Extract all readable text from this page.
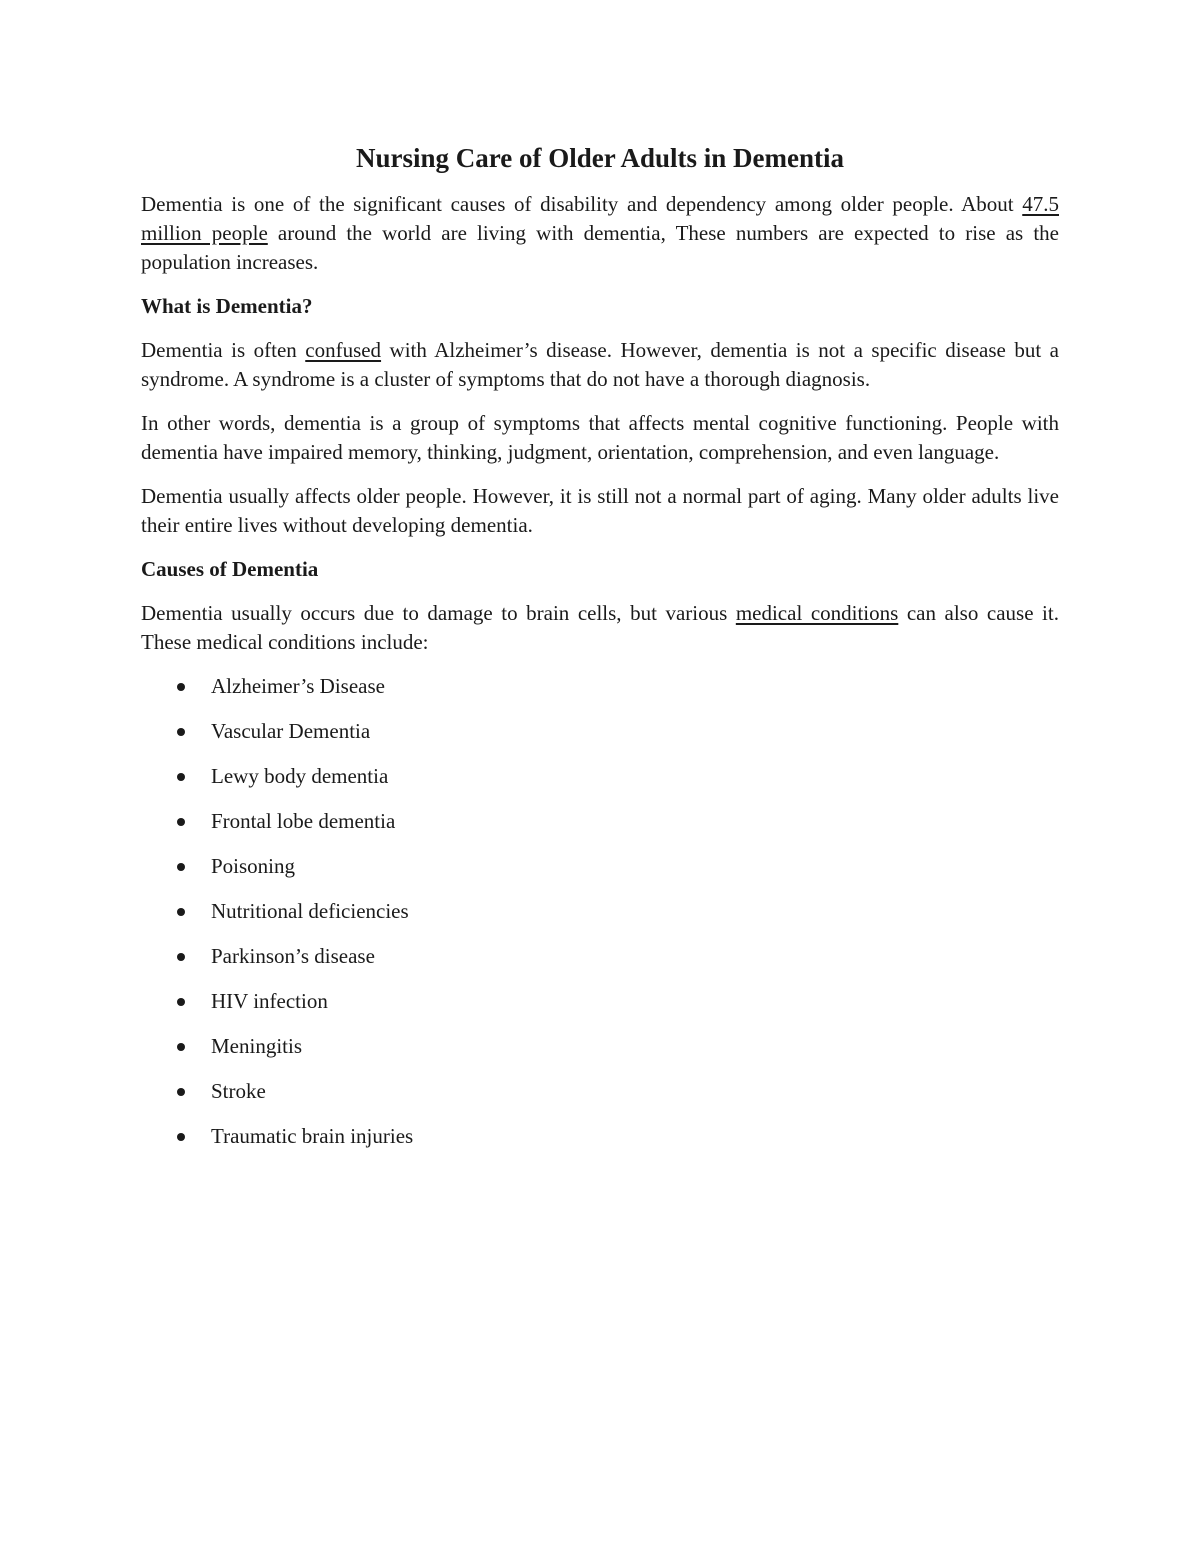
Nursing Care of Older Adults in Dementia

Dementia is one of the significant causes of disability and dependency among older people. About 47.5 million people around the world are living with dementia, These numbers are expected to rise as the population increases.

What is Dementia?

Dementia is often confused with Alzheimer’s disease. However, dementia is not a specific disease but a syndrome. A syndrome is a cluster of symptoms that do not have a thorough diagnosis.

In other words, dementia is a group of symptoms that affects mental cognitive functioning. People with dementia have impaired memory, thinking, judgment, orientation, comprehension, and even language.

Dementia usually affects older people. However, it is still not a normal part of aging. Many older adults live their entire lives without developing dementia.

Causes of Dementia

Dementia usually occurs due to damage to brain cells, but various medical conditions can also cause it. These medical conditions include:

Alzheimer’s Disease
Vascular Dementia
Lewy body dementia
Frontal lobe dementia
Poisoning
Nutritional deficiencies
Parkinson’s disease
HIV infection
Meningitis
Stroke
Traumatic brain injuries
